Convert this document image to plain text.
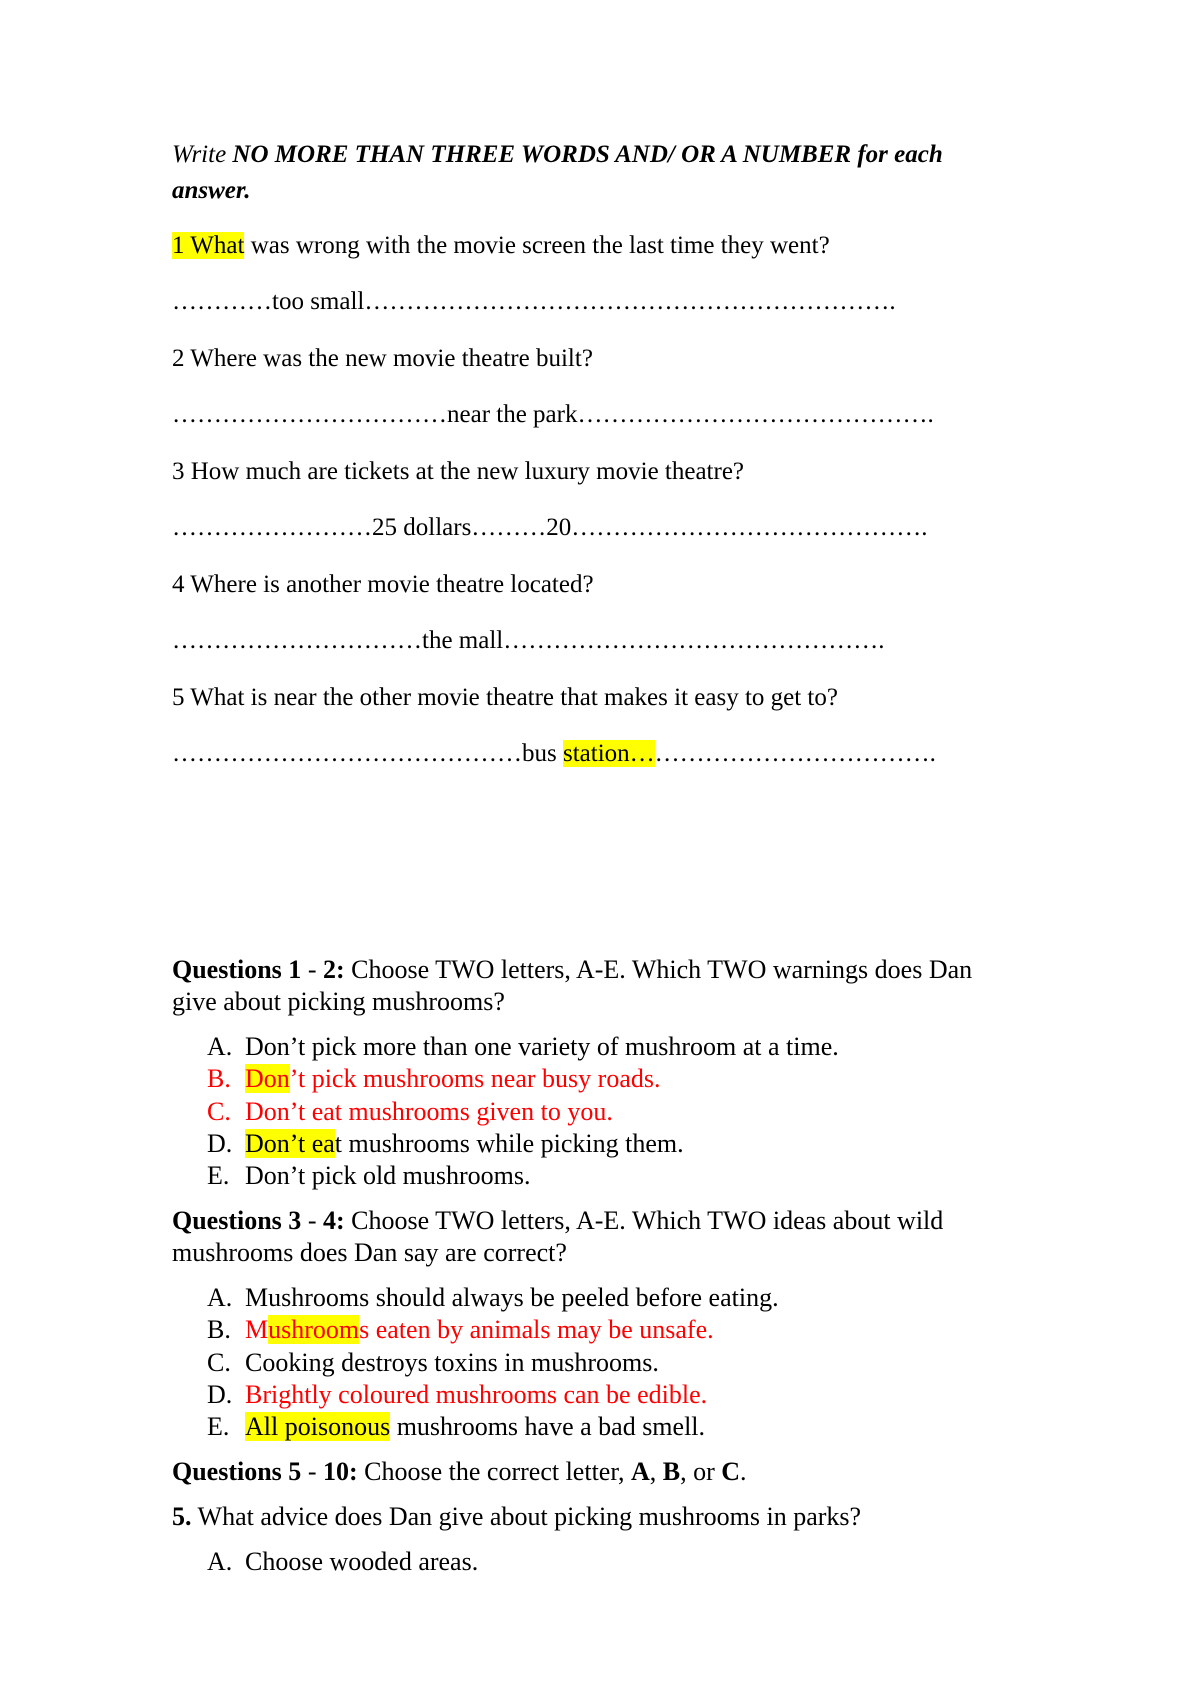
Write NO MORE THAN THREE WORDS AND/ OR A NUMBER for each
answer.
1 What was wrong with the movie screen the last time they went?
…………too small……………………………………………………….
2 Where was the new movie theatre built?
……………………………near the park…………………………………….
3 How much are tickets at the new luxury movie theatre?
……………………25 dollars………20…………………………………….
4 Where is another movie theatre located?
…………………………the mall……………………………………….
5 What is near the other movie theatre that makes it easy to get to?
……………………………………bus station……………………………….
Questions 1 - 2: Choose TWO letters, A-E. Which TWO warnings does Dan
give about picking mushrooms?
A. Don’t pick more than one variety of mushroom at a time.
B. Don’t pick mushrooms near busy roads.
C. Don’t eat mushrooms given to you.
D. Don’t eat mushrooms while picking them.
E. Don’t pick old mushrooms.
Questions 3 - 4: Choose TWO letters, A-E. Which TWO ideas about wild
mushrooms does Dan say are correct?
A. Mushrooms should always be peeled before eating.
B. Mushrooms eaten by animals may be unsafe.
C. Cooking destroys toxins in mushrooms.
D. Brightly coloured mushrooms can be edible.
E. All poisonous mushrooms have a bad smell.
Questions 5 - 10: Choose the correct letter, A, B, or C.
5. What advice does Dan give about picking mushrooms in parks?
A. Choose wooded areas.
